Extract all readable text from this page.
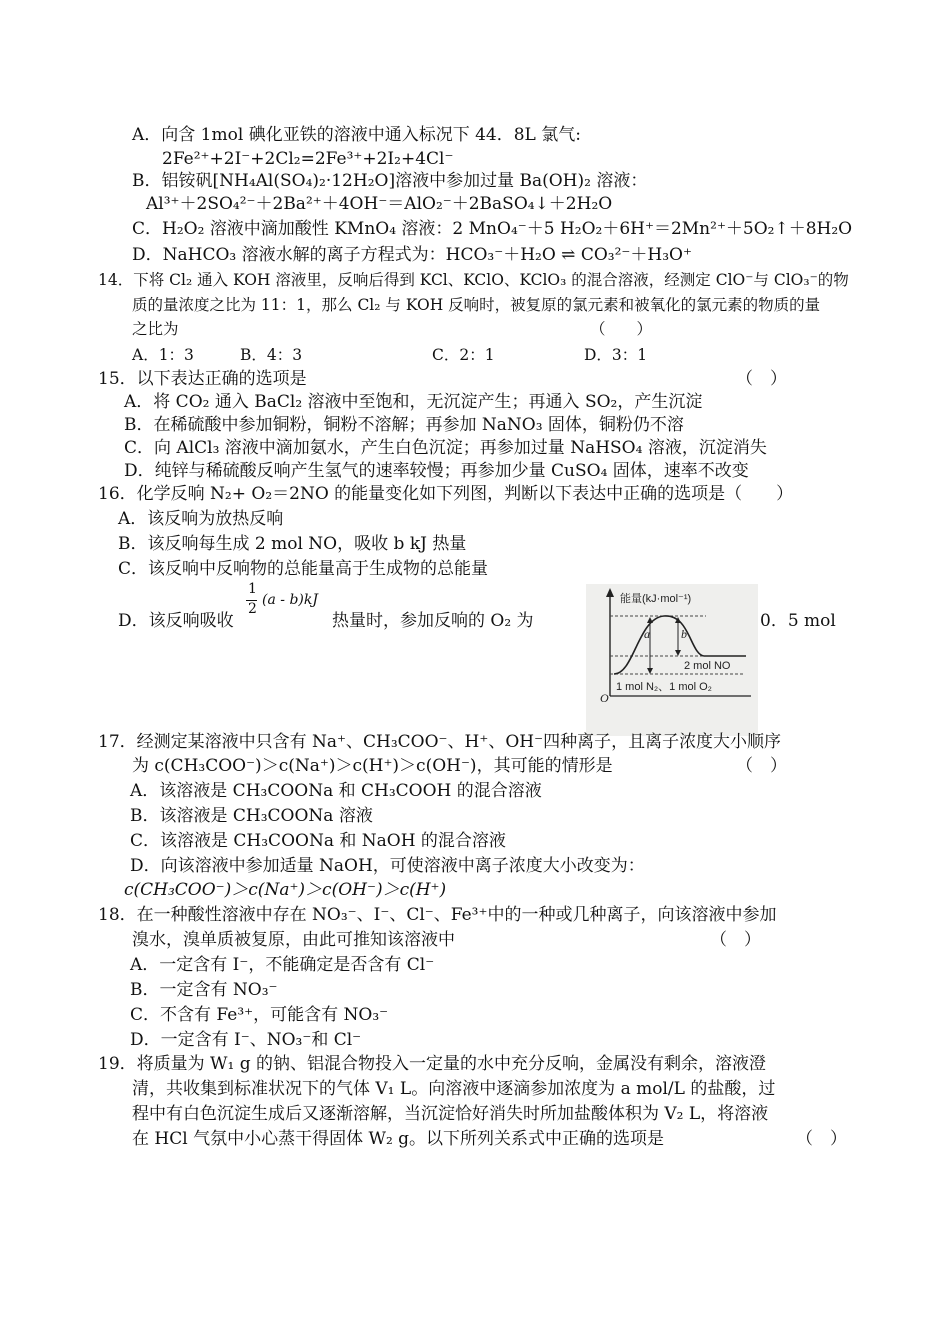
A．向含 1mol 碘化亚铁的溶液中通入标况下 44．8L 氯气:
2Fe²⁺+2I⁻+2Cl₂=2Fe³⁺+2I₂+4Cl⁻
B．铝铵矾[NH₄Al(SO₄)₂·12H₂O]溶液中参加过量 Ba(OH)₂ 溶液：
Al³⁺＋2SO₄²⁻＋2Ba²⁺＋4OH⁻＝AlO₂⁻＋2BaSO₄↓＋2H₂O
C．H₂O₂ 溶液中滴加酸性 KMnO₄ 溶液：2 MnO₄⁻＋5 H₂O₂＋6H⁺＝2Mn²⁺＋5O₂↑＋8H₂O
D．NaHCO₃ 溶液水解的离子方程式为：HCO₃⁻＋H₂O ⇌ CO₃²⁻＋H₃O⁺
14．下将 Cl₂ 通入 KOH 溶液里，反响后得到 KCl、KClO、KClO₃ 的混合溶液，经测定 ClO⁻与 ClO₃⁻的物
质的量浓度之比为 11：1，那么 Cl₂ 与 KOH 反响时，被复原的氯元素和被氧化的氯元素的物质的量
之比为	（　　）
A．1：3	B．4：3	C．2：1	D．3：1
15．以下表达正确的选项是	（　）
A．将 CO₂ 通入 BaCl₂ 溶液中至饱和，无沉淀产生；再通入 SO₂，产生沉淀
B．在稀硫酸中参加铜粉，铜粉不溶解；再参加 NaNO₃ 固体，铜粉仍不溶
C．向 AlCl₃ 溶液中滴加氨水，产生白色沉淀；再参加过量 NaHSO₄ 溶液，沉淀消失
D．纯锌与稀硫酸反响产生氢气的速率较慢；再参加少量 CuSO₄ 固体，速率不改变
16．化学反响 N₂+ O₂＝2NO 的能量变化如下列图，判断以下表达中正确的选项是（　　）
A．该反响为放热反响
B．该反响每生成 2 mol NO，吸收 b kJ 热量
C．该反响中反响物的总能量高于生成物的总能量
D．该反响吸收
1
2
(a - b)kJ
热量时，参加反响的 O₂ 为	0．5 mol
能量(kJ·mol⁻¹)
a	b
2 mol NO
1 mol N₂、1 mol O₂
O
17．经测定某溶液中只含有 Na⁺、CH₃COO⁻、H⁺、OH⁻四种离子，且离子浓度大小顺序
为 c(CH₃COO⁻)＞c(Na⁺)＞c(H⁺)＞c(OH⁻)，其可能的情形是	（　）
A．该溶液是 CH₃COONa 和 CH₃COOH 的混合溶液
B．该溶液是 CH₃COONa 溶液
C．该溶液是 CH₃COONa 和 NaOH 的混合溶液
D．向该溶液中参加适量 NaOH，可使溶液中离子浓度大小改变为：
c(CH₃COO⁻)＞c(Na⁺)＞c(OH⁻)＞c(H⁺)
18．在一种酸性溶液中存在 NO₃⁻、I⁻、Cl⁻、Fe³⁺中的一种或几种离子，向该溶液中参加
溴水，溴单质被复原，由此可推知该溶液中	（　）
A．一定含有 I⁻，不能确定是否含有 Cl⁻
B．一定含有 NO₃⁻
C．不含有 Fe³⁺，可能含有 NO₃⁻
D．一定含有 I⁻、NO₃⁻和 Cl⁻
19．将质量为 W₁ g 的钠、铝混合物投入一定量的水中充分反响，金属没有剩余，溶液澄
清，共收集到标准状况下的气体 V₁ L。向溶液中逐滴参加浓度为 a mol/L 的盐酸，过
程中有白色沉淀生成后又逐渐溶解，当沉淀恰好消失时所加盐酸体积为 V₂ L，将溶液
在 HCl 气氛中小心蒸干得固体 W₂ g。以下所列关系式中正确的选项是	（　）
